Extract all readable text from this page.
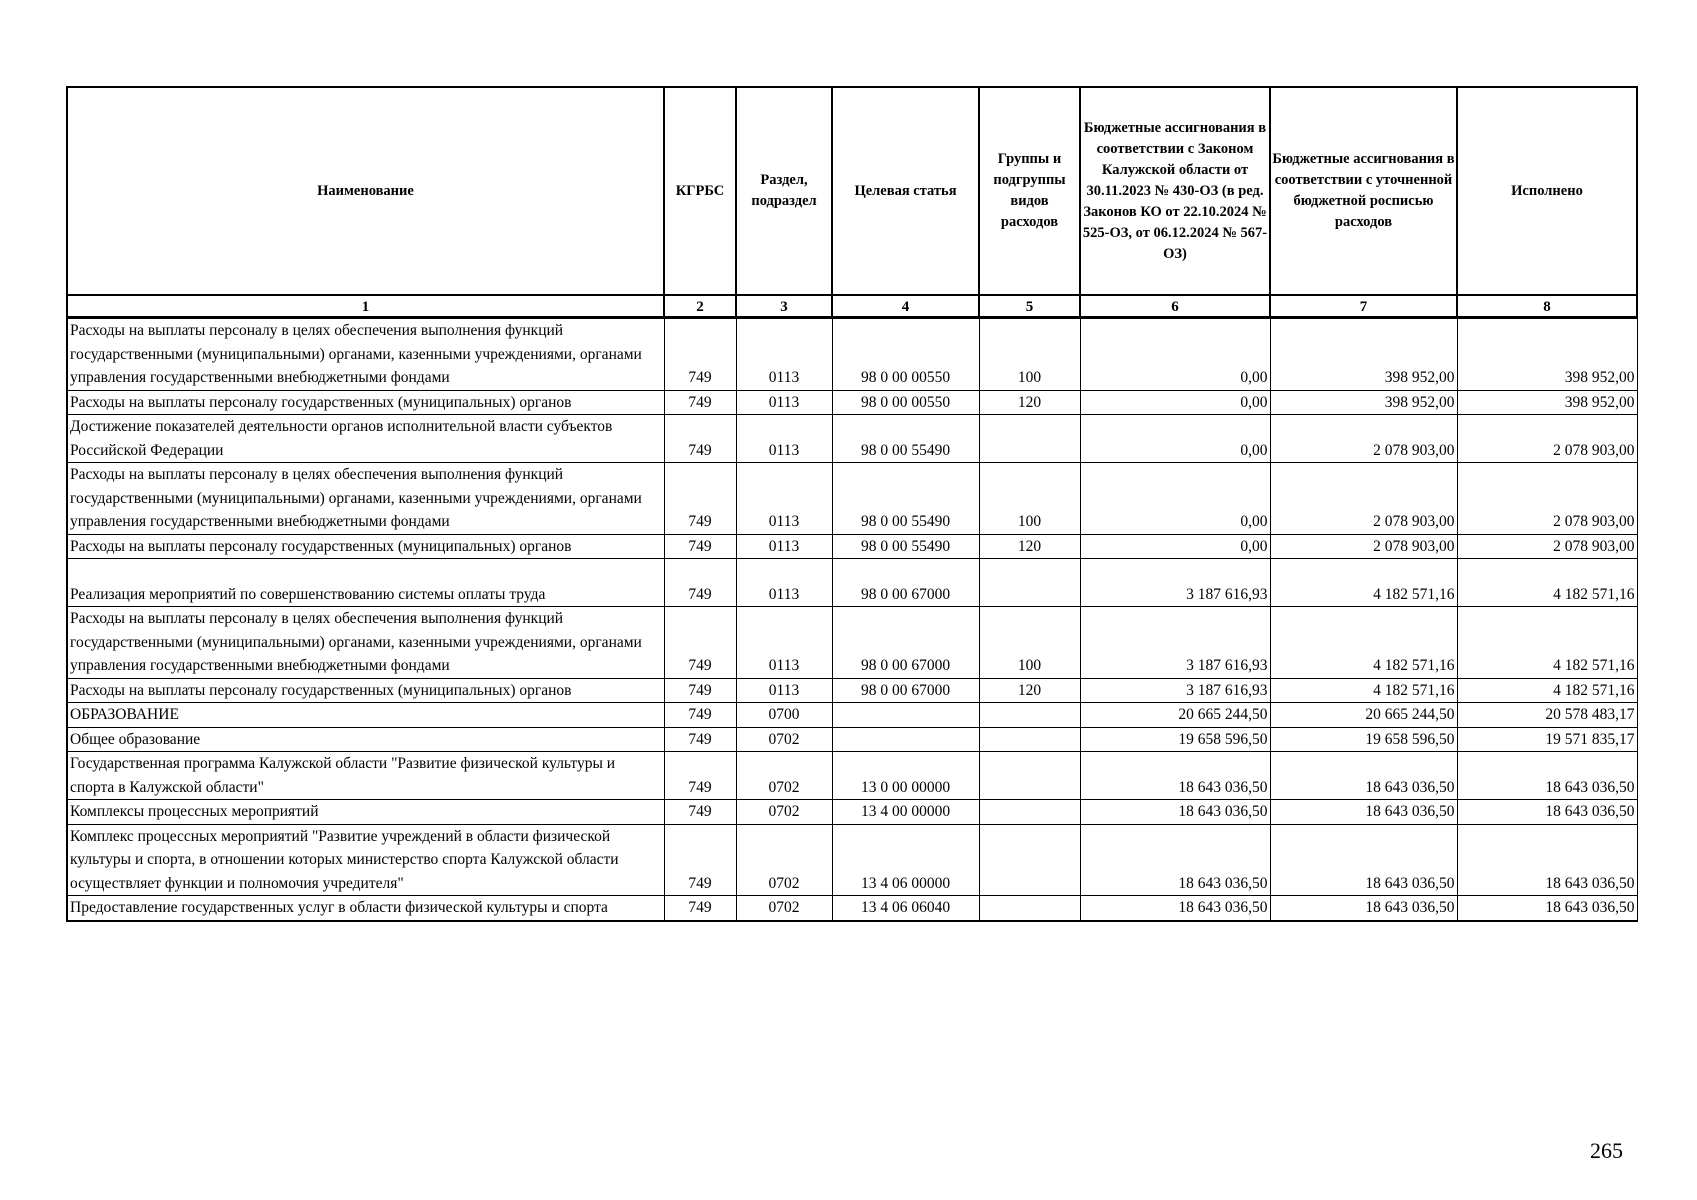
Наименование	КГРБС	Раздел, подраздел	Целевая статья	Группы и подгруппы видов расходов	Бюджетные ассигнования в соответствии с Законом Калужской области от 30.11.2023 № 430-ОЗ (в ред. Законов КО от 22.10.2024 № 525-ОЗ, от 06.12.2024 № 567-ОЗ)	Бюджетные ассигнования в соответствии с уточненной бюджетной росписью расходов	Исполнено
1	2	3	4	5	6	7	8
Расходы на выплаты персоналу в целях обеспечения выполнения функций государственными (муниципальными) органами, казенными учреждениями, органами управления государственными внебюджетными фондами	749	0113	98 0 00 00550	100	0,00	398 952,00	398 952,00
Расходы на выплаты персоналу государственных (муниципальных) органов	749	0113	98 0 00 00550	120	0,00	398 952,00	398 952,00
Достижение показателей деятельности органов исполнительной власти субъектов Российской Федерации	749	0113	98 0 00 55490		0,00	2 078 903,00	2 078 903,00
Расходы на выплаты персоналу в целях обеспечения выполнения функций государственными (муниципальными) органами, казенными учреждениями, органами управления государственными внебюджетными фондами	749	0113	98 0 00 55490	100	0,00	2 078 903,00	2 078 903,00
Расходы на выплаты персоналу государственных (муниципальных) органов	749	0113	98 0 00 55490	120	0,00	2 078 903,00	2 078 903,00
Реализация мероприятий по совершенствованию системы оплаты труда	749	0113	98 0 00 67000		3 187 616,93	4 182 571,16	4 182 571,16
Расходы на выплаты персоналу в целях обеспечения выполнения функций государственными (муниципальными) органами, казенными учреждениями, органами управления государственными внебюджетными фондами	749	0113	98 0 00 67000	100	3 187 616,93	4 182 571,16	4 182 571,16
Расходы на выплаты персоналу государственных (муниципальных) органов	749	0113	98 0 00 67000	120	3 187 616,93	4 182 571,16	4 182 571,16
ОБРАЗОВАНИЕ	749	0700			20 665 244,50	20 665 244,50	20 578 483,17
Общее образование	749	0702			19 658 596,50	19 658 596,50	19 571 835,17
Государственная программа Калужской области "Развитие физической культуры и спорта в Калужской области"	749	0702	13 0 00 00000		18 643 036,50	18 643 036,50	18 643 036,50
Комплексы процессных мероприятий	749	0702	13 4 00 00000		18 643 036,50	18 643 036,50	18 643 036,50
Комплекс процессных мероприятий "Развитие учреждений в области физической культуры и спорта, в отношении которых министерство спорта Калужской области осуществляет функции и полномочия учредителя"	749	0702	13 4 06 00000		18 643 036,50	18 643 036,50	18 643 036,50
Предоставление государственных услуг в области физической культуры и спорта	749	0702	13 4 06 06040		18 643 036,50	18 643 036,50	18 643 036,50
265
